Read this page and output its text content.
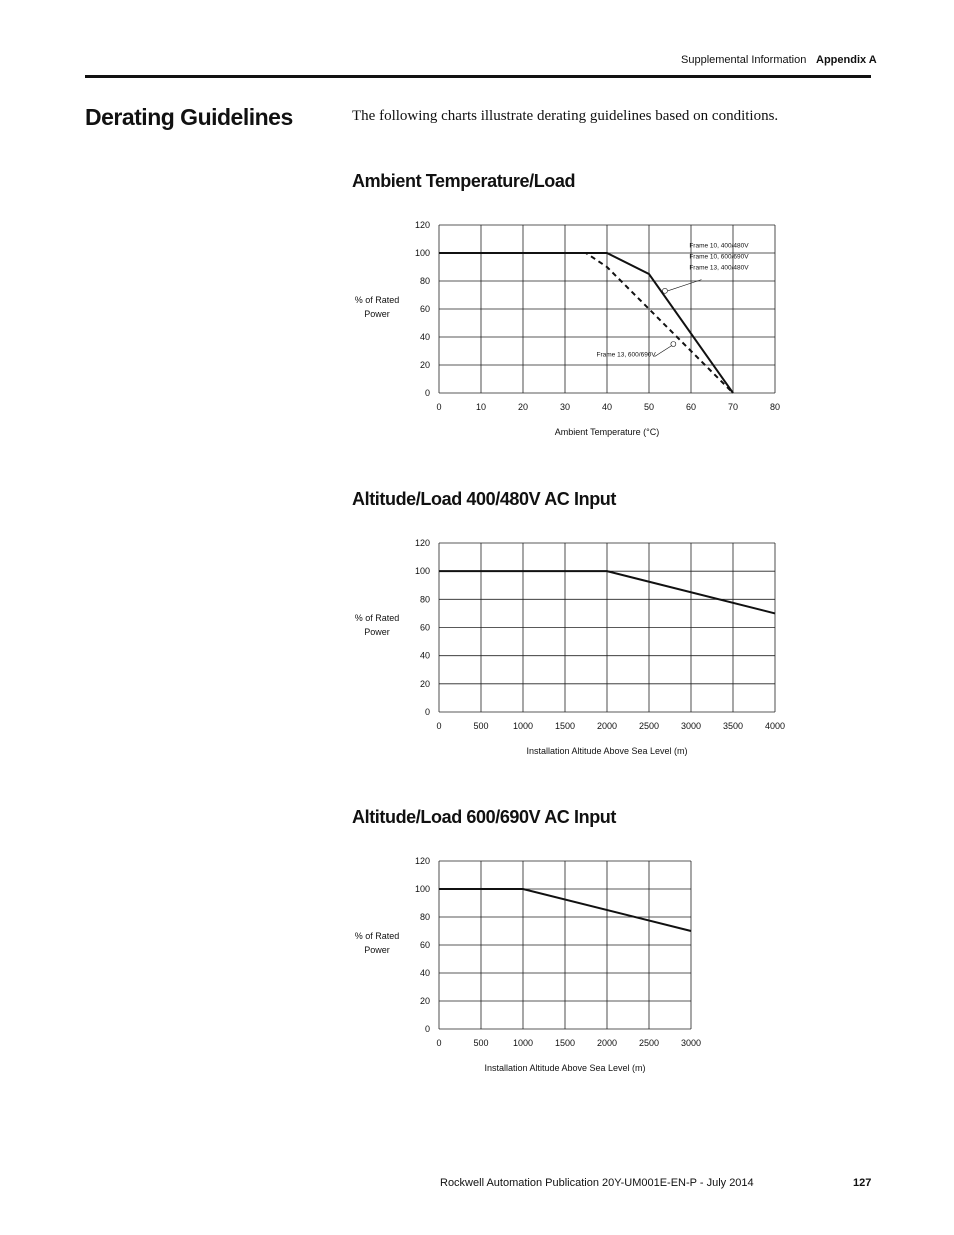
Supplemental Information Appendix A
Derating Guidelines	The following charts illustrate derating guidelines based on conditions.
Ambient Temperature/Load
0	10	20	30	40	50	60	70	80
0
20
40
60
80
100
120
Ambient Temperature (°C)
% of Rated Power
Frame 10, 400/480V
Frame 10, 600/690V
Frame 13, 400/480V
Frame 13, 600/690V
Altitude/Load 400/480V AC Input
0	500	1000 1500 2000 2500 3000 3500 4000
0
20
40
60
80
100
120
Installation Altitude Above Sea Level (m)
% of Rated Power
Altitude/Load 600/690V AC Input
0	500	1000 1500 2000 2500 3000
0
20
40
60
80
100
120
Installation Altitude Above Sea Level (m)
% of Rated Power
Rockwell Automation Publication 20Y-UM001E-EN-P - July 2014	127
